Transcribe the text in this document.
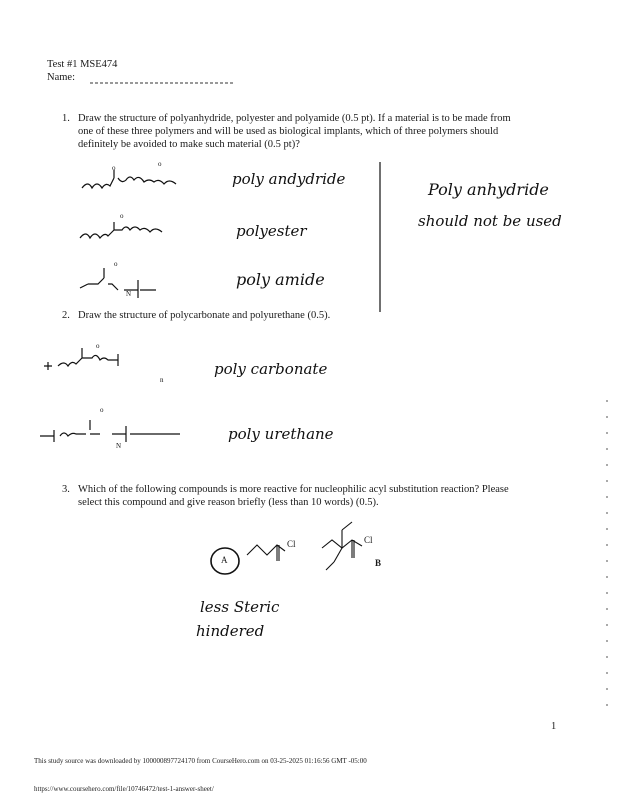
Test #1 MSE474
Name:
1. Draw the structure of polyanhydride, polyester and polyamide (0.5 pt). If a material is to be made from
one of these three polymers and will be used as biological implants, which of three polymers should
definitely be avoided to make such material (0.5 pt)?
o	o
o
o
N
poly andydride
polyester
poly amide
Poly anhydride
should not be used
2. Draw the structure of polycarbonate and polyurethane (0.5).
o
n
o
N
poly carbonate
poly urethane
3. Which of the following compounds is more reactive for nucleophilic acyl substitution reaction? Please
select this compound and give reason briefly (less than 10 words) (0.5).
A
Cl	Cl
B
less Steric
hindered
1
This study source was downloaded by 100000897724170 from CourseHero.com on 03-25-2025 01:16:56 GMT -05:00
https://www.coursehero.com/file/10746472/test-1-answer-sheet/
